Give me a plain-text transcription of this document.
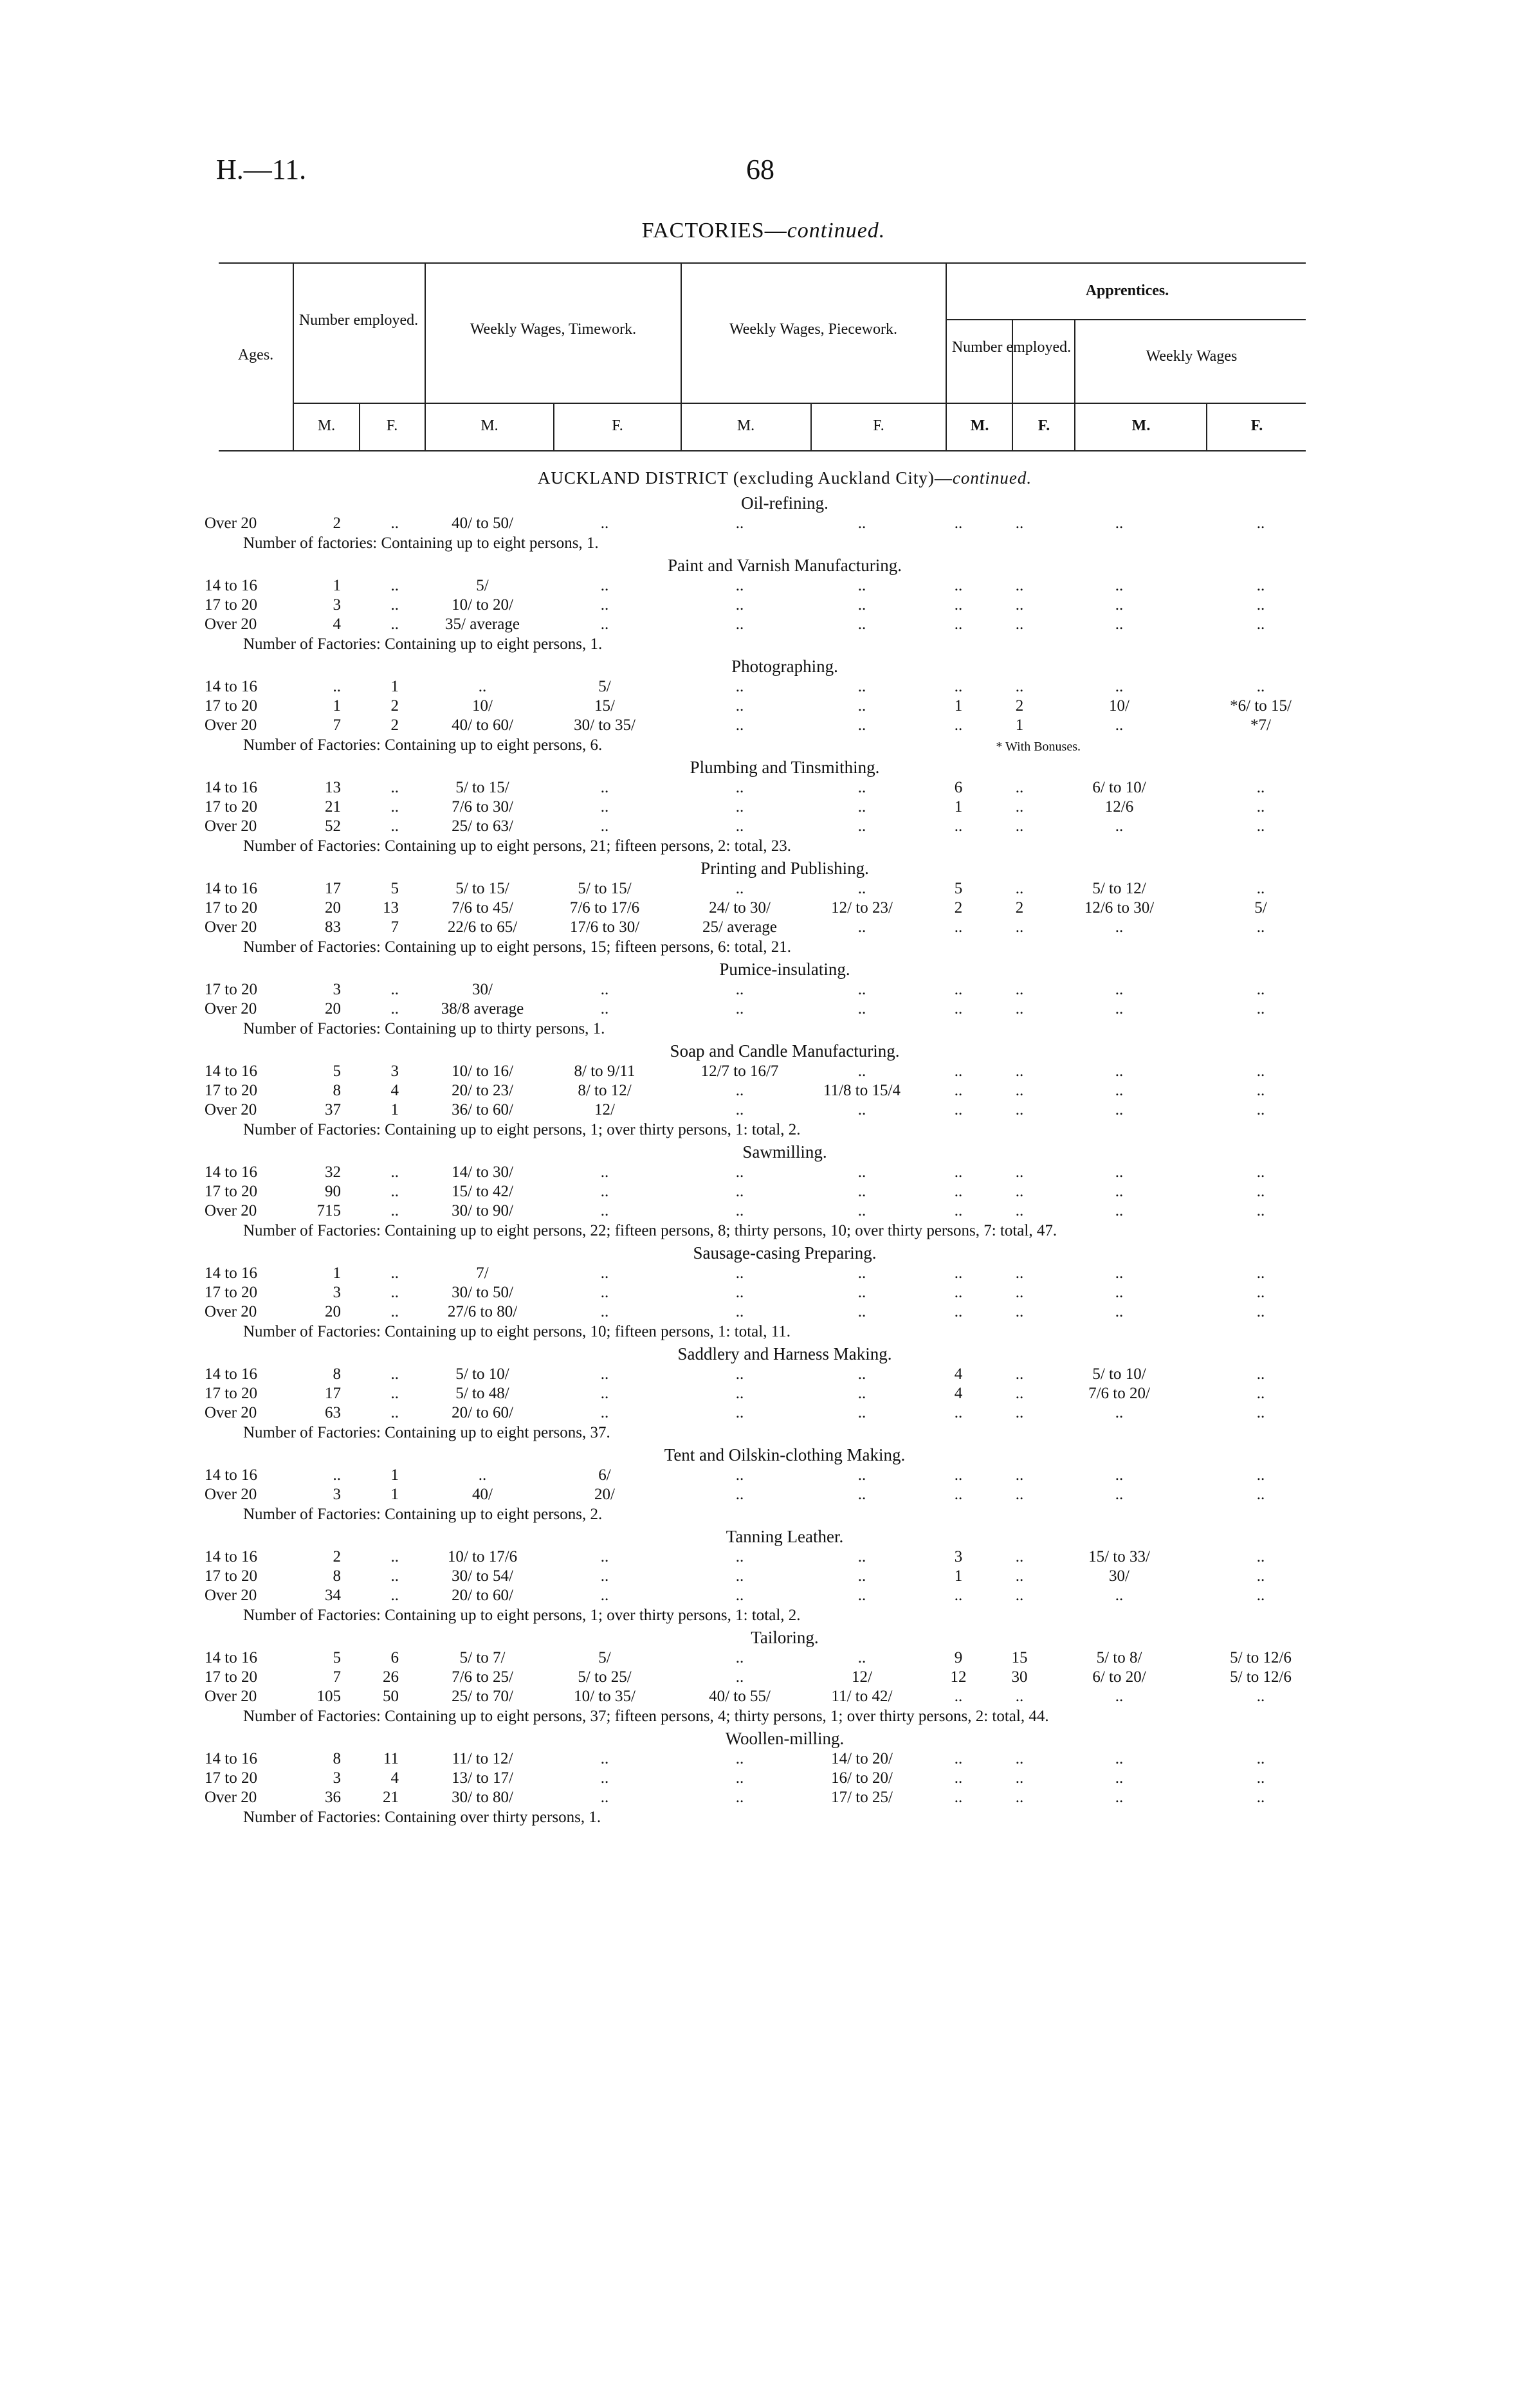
H.—11.	68
FACTORIES—continued.
Ages.
Number employed.
Weekly Wages, Timework.	Weekly Wages, Piecework.
Apprentices.
Number employed.
Weekly Wages
M.	F.	M.	F.	M.	F.	M.	F.	M.	F.
AUCKLAND DISTRICT (excluding Auckland City)—continued.
Oil-refining.
Over 20	2	..	40/ to 50/	..	..	..	..	..	..	..
Number of factories: Containing up to eight persons, 1.
Paint and Varnish Manufacturing.
14 to 16	1	..	5/	..	..	..	..	..	..	..
17 to 20	3	..	10/ to 20/	..	..	..	..	..	..	..
Over 20	4	..	35/ average	..	..	..	..	..	..	..
Number of Factories: Containing up to eight persons, 1.
Photographing.
14 to 16	..	1	..	5/	..	..	..	..	..	..
17 to 20	1	2	10/	15/	..	..	1	2	10/	*6/ to 15/
Over 20	7	2	40/ to 60/	30/ to 35/	..	..	..	1	..	*7/
* With Bonuses.
Number of Factories: Containing up to eight persons, 6.
Plumbing and Tinsmithing.
14 to 16	13	..	5/ to 15/	..	..	..	6	..	6/ to 10/	..
17 to 20	21	..	7/6 to 30/	..	..	..	1	..	12/6	..
Over 20	52	..	25/ to 63/	..	..	..	..	..	..	..
Number of Factories: Containing up to eight persons, 21; fifteen persons, 2: total, 23.
Printing and Publishing.
14 to 16	17	5	5/ to 15/	5/ to 15/	..	..	5	..	5/ to 12/	..
17 to 20	20	13	7/6 to 45/	7/6 to 17/6	24/ to 30/	12/ to 23/	2	2	12/6 to 30/	5/
Over 20	83	7	22/6 to 65/	17/6 to 30/	25/ average	..	..	..	..	..
Number of Factories: Containing up to eight persons, 15; fifteen persons, 6: total, 21.
Pumice-insulating.
17 to 20	3	..	30/	..	..	..	..	..	..	..
Over 20	20	..	38/8 average	..	..	..	..	..	..	..
Number of Factories: Containing up to thirty persons, 1.
Soap and Candle Manufacturing.
14 to 16	5	3	10/ to 16/	8/ to 9/11	12/7 to 16/7	..	..	..	..	..
17 to 20	8	4	20/ to 23/	8/ to 12/	..	11/8 to 15/4	..	..	..	..
Over 20	37	1	36/ to 60/	12/	..	..	..	..	..	..
Number of Factories: Containing up to eight persons, 1; over thirty persons, 1: total, 2.
Sawmilling.
14 to 16	32	..	14/ to 30/	..	..	..	..	..	..	..
17 to 20	90	..	15/ to 42/	..	..	..	..	..	..	..
Over 20	715	..	30/ to 90/	..	..	..	..	..	..	..
Number of Factories: Containing up to eight persons, 22; fifteen persons, 8; thirty persons, 10; over thirty persons, 7: total, 47.
Sausage-casing Preparing.
14 to 16	1	..	7/	..	..	..	..	..	..	..
17 to 20	3	..	30/ to 50/	..	..	..	..	..	..	..
Over 20	20	..	27/6 to 80/	..	..	..	..	..	..	..
Number of Factories: Containing up to eight persons, 10; fifteen persons, 1: total, 11.
Saddlery and Harness Making.
14 to 16	8	..	5/ to 10/	..	..	..	4	..	5/ to 10/	..
17 to 20	17	..	5/ to 48/	..	..	..	4	..	7/6 to 20/	..
Over 20	63	..	20/ to 60/	..	..	..	..	..	..	..
Number of Factories: Containing up to eight persons, 37.
Tent and Oilskin-clothing Making.
14 to 16	..	1	..	6/	..	..	..	..	..	..
Over 20	3	1	40/	20/	..	..	..	..	..	..
Number of Factories: Containing up to eight persons, 2.
Tanning Leather.
14 to 16	2	..	10/ to 17/6	..	..	..	3	..	15/ to 33/	..
17 to 20	8	..	30/ to 54/	..	..	..	1	..	30/	..
Over 20	34	..	20/ to 60/	..	..	..	..	..	..	..
Number of Factories: Containing up to eight persons, 1; over thirty persons, 1: total, 2.
Tailoring.
14 to 16	5	6	5/ to 7/	5/	..	..	9	15	5/ to 8/	5/ to 12/6
17 to 20	7	26	7/6 to 25/	5/ to 25/	..	12/	12	30	6/ to 20/	5/ to 12/6
Over 20	105	50	25/ to 70/	10/ to 35/	40/ to 55/	11/ to 42/	..	..	..	..
Number of Factories: Containing up to eight persons, 37; fifteen persons, 4; thirty persons, 1; over thirty persons, 2: total, 44.
Woollen-milling.
14 to 16	8	11	11/ to 12/	..	..	14/ to 20/	..	..	..	..
17 to 20	3	4	13/ to 17/	..	..	16/ to 20/	..	..	..	..
Over 20	36	21	30/ to 80/	..	..	17/ to 25/	..	..	..	..
Number of Factories: Containing over thirty persons, 1.
